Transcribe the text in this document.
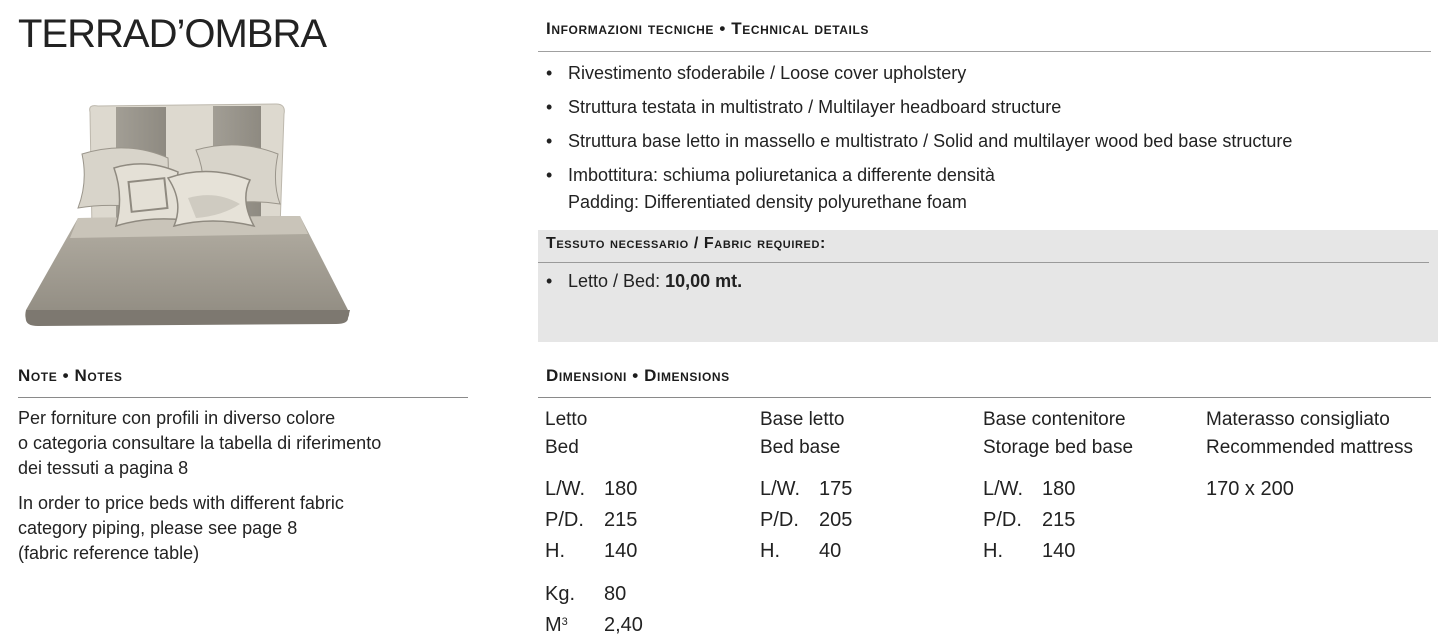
TERRAD’OMBRA
Note • Notes
Per forniture con profili in diverso colore
o categoria consultare la tabella di riferimento
dei tessuti a pagina 8
In order to price beds with different fabric
category piping, please see page 8
(fabric reference table)
Informazioni tecniche • Technical details
• Rivestimento sfoderabile / Loose cover upholstery
• Struttura testata in multistrato / Multilayer headboard structure
• Struttura base letto in massello e multistrato / Solid and multilayer wood bed base structure
• Imbottitura: schiuma poliuretanica a differente densità
Padding: Differentiated density polyurethane foam
Tessuto necessario / Fabric required:
• Letto / Bed: 10,00 mt.
Dimensioni • Dimensions
Letto
Bed
L/W. 180
P/D. 215
H. 140
Kg. 80
$M^3$ 2,40
Base letto
Bed base
L/W. 175
P/D. 205
H. 40
Base contenitore
Storage bed base
L/W. 180
P/D. 215
H. 140
Materasso consigliato
Recommended mattress
170 x 200
